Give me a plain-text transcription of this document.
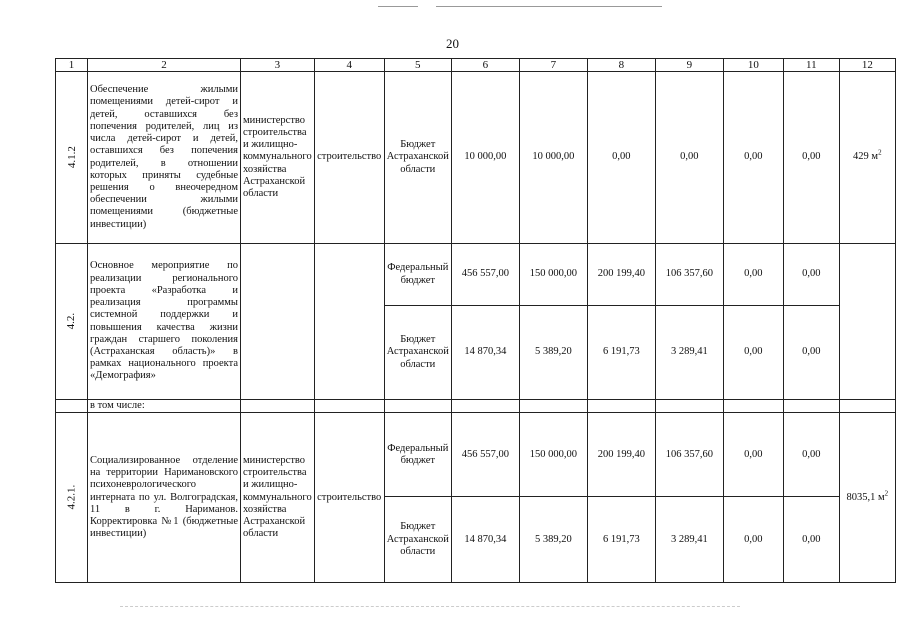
20
1	2	3	4	5	6	7	8	9	10	11	12
4.1.2	Обеспечение жилыми помещениями детей-сирот и детей, оставшихся без попечения родителей, лиц из числа детей-сирот и детей, оставшихся без попечения родителей, в отношении которых приняты судебные решения о внеочередном обеспечении жилыми помещениями (бюджетные инвестиции)	министерство строительства и жилищно-коммунального хозяйства Астраханской области	строительство	Бюджет Астраханской области	10 000,00	10 000,00	0,00	0,00	0,00	0,00	429 $м^2$
4.2.	Основное мероприятие по реализации регионального проекта «Разработка и реализация программы системной поддержки и повышения качества жизни граждан старшего поколения (Астраханская область)» в рамках национального проекта «Демография»			Федеральный бюджет	456 557,00	150 000,00	200 199,40	106 357,60	0,00	0,00	
				Бюджет Астраханской области	14 870,34	5 389,20	6 191,73	3 289,41	0,00	0,00	
	в том числе:										
4.2.1.	Социализированное отделение на территории Наримановского психоневрологического интерната по ул. Волгоградская, 11 в г. Нариманов. Корректировка №1 (бюджетные инвестиции)	министерство строительства и жилищно-коммунального хозяйства Астраханской области	строительство	Федеральный бюджет	456 557,00	150 000,00	200 199,40	106 357,60	0,00	0,00	8035,1 $м^2$
				Бюджет Астраханской области	14 870,34	5 389,20	6 191,73	3 289,41	0,00	0,00	
